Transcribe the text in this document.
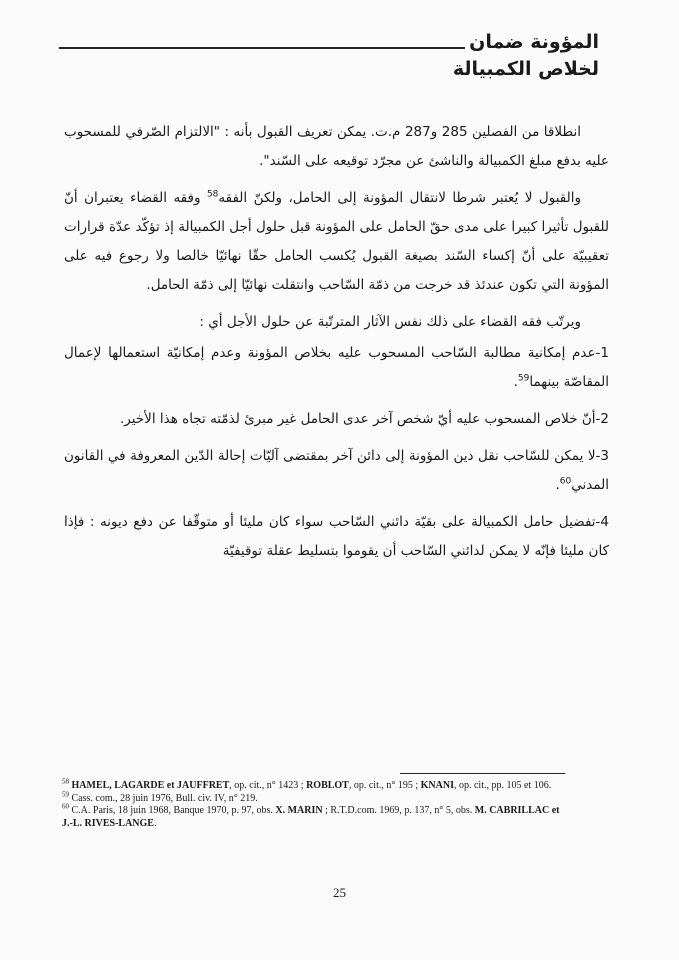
المؤونة ضمان
لخلاص الكمبيالة

انطلاقا من الفصلين 285 و287 م.ت. يمكن تعريف القبول بأنه : "الالتزام الصّرفي للمسحوب عليه بدفع مبلغ الكمبيالة والناشئ عن مجرّد توقيعه على السّند".

والقبول لا يُعتبر شرطا لانتقال المؤونة إلى الحامل، ولكنّ الفقه$^{58}$ وفقه القضاء يعتبران أنّ للقبول تأثيرا كبيرا على مدى حقّ الحامل على المؤونة قبل حلول أجل الكمبيالة إذ تؤكّد عدّة قرارات تعقيبيّة على أنّ إكساء السّند بصيغة القبول يُكسب الحامل حقّا نهائيّا خالصا ولا رجوع فيه على المؤونة التي تكون عندئذ قد خرجت من ذمّة السّاحب وانتقلت نهائيّا إلى ذمّة الحامل.

ويرتّب فقه القضاء على ذلك نفس الآثار المترتّبة عن حلول الأجل أي :

1-عدم إمكانية مطالبة السّاحب المسحوب عليه بخلاص المؤونة وعدم إمكانيّة استعمالها لإعمال المقاصّة بينهما$^{59}$.

2-أنّ خلاص المسحوب عليه أيّ شخص آخر عدى الحامل غير مبرئ لذمّته تجاه هذا الأخير.

3-لا يمكن للسّاحب نقل دين المؤونة إلى دائن آخر بمقتضى آليّات إحالة الدّين المعروفة في القانون المدني$^{60}$.

4-تفضيل حامل الكمبيالة على بقيّة دائني السّاحب سواء كان مليئا أو متوقّفا عن دفع ديونه : فإذا كان مليئا فإنّه لا يمكن لدائني السّاحب أن يقوموا بتسليط عقلة توقيفيّة

$^{58}$ HAMEL, LAGARDE et JAUFFRET, op. cit., n° 1423 ; ROBLOT, op. cit., n° 195 ; KNANI, op. cit., pp. 105 et 106.

$^{59}$ Cass. com., 28 juin 1976, Bull. civ. IV, n° 219.

$^{60}$ C.A. Paris, 18 juin 1968, Banque 1970, p. 97, obs. X. MARIN ; R.T.D.com. 1969, p. 137, n° 5, obs. M. CABRILLAC et J.-L. RIVES-LANGE.

25
